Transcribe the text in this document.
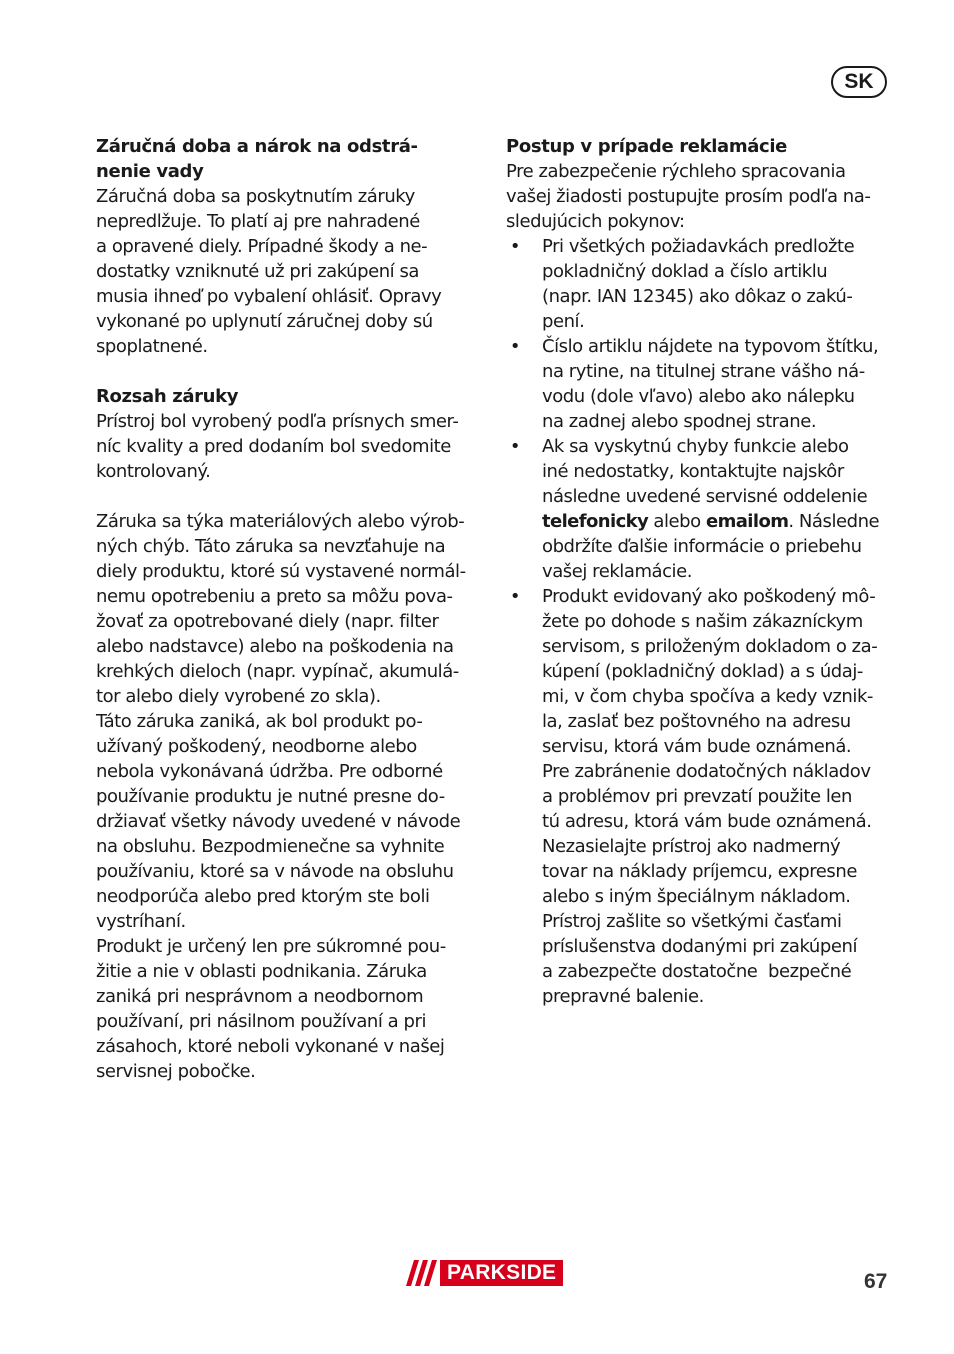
SK

Záručná doba a nárok na odstrá-

nenie vady

Záručná doba sa poskytnutím záruky

nepredlžuje. To platí aj pre nahradené

a opravené diely. Prípadné škody a ne-

dostatky vzniknuté už pri zakúpení sa

musia ihneď po vybalení ohlásiť. Opravy

vykonané po uplynutí záručnej doby sú

spoplatnené.

Rozsah záruky

Prístroj bol vyrobený podľa prísnych smer-

níc kvality a pred dodaním bol svedomite

kontrolovaný.

Záruka sa týka materiálových alebo výrob-

ných chýb. Táto záruka sa nevzťahuje na

diely produktu, ktoré sú vystavené normál-

nemu opotrebeniu a preto sa môžu pova-

žovať za opotrebované diely (napr. filter

alebo nadstavce) alebo na poškodenia na

krehkých dieloch (napr. vypínač, akumulá-

tor alebo diely vyrobené zo skla).

Táto záruka zaniká, ak bol produkt po-

užívaný poškodený, neodborne alebo

nebola vykonávaná údržba. Pre odborné

používanie produktu je nutné presne do-

držiavať všetky návody uvedené v návode

na obsluhu. Bezpodmienečne sa vyhnite

používaniu, ktoré sa v návode na obsluhu

neodporúča alebo pred ktorým ste boli

vystríhaní.

Produkt je určený len pre súkromné pou-

žitie a nie v oblasti podnikania. Záruka

zaniká pri nesprávnom a neodbornom

používaní, pri násilnom používaní a pri

zásahoch, ktoré neboli vykonané v našej

servisnej pobočke.

Postup v prípade reklamácie

Pre zabezpečenie rýchleho spracovania

vašej žiadosti postupujte prosím podľa na-

sledujúcich pokynov:

• Pri všetkých požiadavkách predložte

pokladničný doklad a číslo artiklu

(napr. IAN 12345) ako dôkaz o zakú-

pení.

• Číslo artiklu nájdete na typovom štítku,

na rytine, na titulnej strane vášho ná-

vodu (dole vľavo) alebo ako nálepku

na zadnej alebo spodnej strane.

• Ak sa vyskytnú chyby funkcie alebo

iné nedostatky, kontaktujte najskôr

následne uvedené servisné oddelenie

telefonicky alebo emailom. Následne

obdržíte ďalšie informácie o priebehu

vašej reklamácie.

• Produkt evidovaný ako poškodený mô-

žete po dohode s našim zákazníckym

servisom, s priloženým dokladom o za-

kúpení (pokladničný doklad) a s údaj-

mi, v čom chyba spočíva a kedy vznik-

la, zaslať bez poštovného na adresu

servisu, ktorá vám bude oznámená.

Pre zabránenie dodatočných nákladov

a problémov pri prevzatí použite len

tú adresu, ktorá vám bude oznámená.

Nezasielajte prístroj ako nadmerný

tovar na náklady príjemcu, expresne

alebo s iným špeciálnym nákladom.

Prístroj zašlite so všetkými časťami

príslušenstva dodanými pri zakúpení

a zabezpečte dostatočne  bezpečné

prepravné balenie.

PARKSIDE	67
